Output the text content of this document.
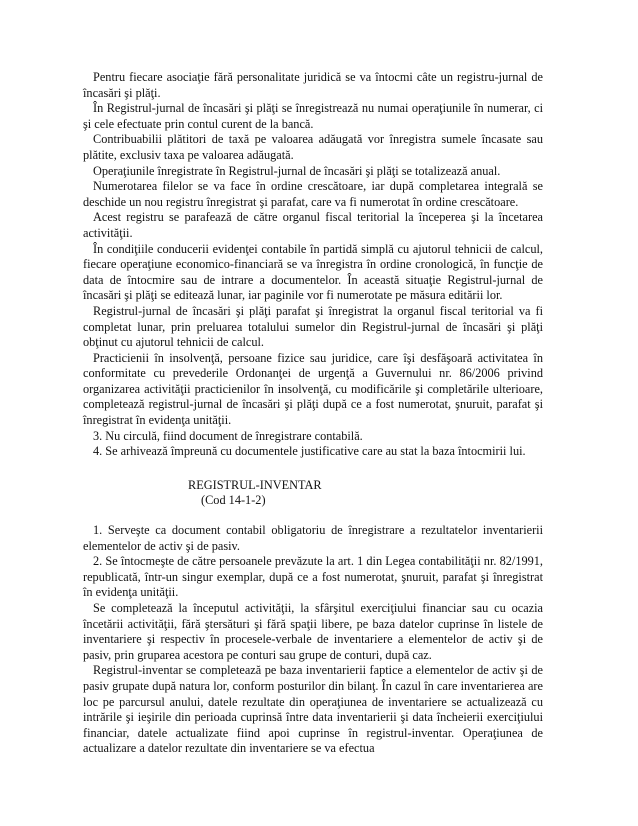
Pentru fiecare asociaţie fără personalitate juridică se va întocmi câte un registru-jurnal de încasări şi plăţi.

În Registrul-jurnal de încasări şi plăţi se înregistrează nu numai operaţiunile în numerar, ci şi cele efectuate prin contul curent de la bancă.

Contribuabilii plătitori de taxă pe valoarea adăugată vor înregistra sumele încasate sau plătite, exclusiv taxa pe valoarea adăugată.

Operaţiunile înregistrate în Registrul-jurnal de încasări şi plăţi se totalizează anual.

Numerotarea filelor se va face în ordine crescătoare, iar după completarea integrală se deschide un nou registru înregistrat şi parafat, care va fi numerotat în ordine crescătoare.

Acest registru se parafează de către organul fiscal teritorial la începerea şi la încetarea activităţii.

În condiţiile conducerii evidenţei contabile în partidă simplă cu ajutorul tehnicii de calcul, fiecare operaţiune economico-financiară se va înregistra în ordine cronologică, în funcţie de data de întocmire sau de intrare a documentelor. În această situaţie Registrul-jurnal de încasări şi plăţi se editează lunar, iar paginile vor fi numerotate pe măsura editării lor.

Registrul-jurnal de încasări şi plăţi parafat şi înregistrat la organul fiscal teritorial va fi completat lunar, prin preluarea totalului sumelor din Registrul-jurnal de încasări şi plăţi obţinut cu ajutorul tehnicii de calcul.

Practicienii în insolvenţă, persoane fizice sau juridice, care îşi desfăşoară activitatea în conformitate cu prevederile Ordonanţei de urgenţă a Guvernului nr. 86/2006 privind organizarea activităţii practicienilor în insolvenţă, cu modificările şi completările ulterioare, completează registrul-jurnal de încasări şi plăţi după ce a fost numerotat, şnuruit, parafat şi înregistrat în evidenţa unităţii.

3. Nu circulă, fiind document de înregistrare contabilă.

4. Se arhivează împreună cu documentele justificative care au stat la baza întocmirii lui.

REGISTRUL-INVENTAR

(Cod 14-1-2)

1. Serveşte ca document contabil obligatoriu de înregistrare a rezultatelor inventarierii elementelor de activ şi de pasiv.

2. Se întocmeşte de către persoanele prevăzute la art. 1 din Legea contabilităţii nr. 82/1991, republicată, într-un singur exemplar, după ce a fost numerotat, şnuruit, parafat şi înregistrat în evidenţa unităţii.

Se completează la începutul activităţii, la sfârşitul exerciţiului financiar sau cu ocazia încetării activităţii, fără ştersături şi fără spaţii libere, pe baza datelor cuprinse în listele de inventariere şi respectiv în procesele-verbale de inventariere a elementelor de activ şi de pasiv, prin gruparea acestora pe conturi sau grupe de conturi, după caz.

Registrul-inventar se completează pe baza inventarierii faptice a elementelor de activ şi de pasiv grupate după natura lor, conform posturilor din bilanţ. În cazul în care inventarierea are loc pe parcursul anului, datele rezultate din operaţiunea de inventariere se actualizează cu intrările şi ieşirile din perioada cuprinsă între data inventarierii şi data încheierii exerciţiului financiar, datele actualizate fiind apoi cuprinse în registrul-inventar. Operaţiunea de actualizare a datelor rezultate din inventariere se va efectua
